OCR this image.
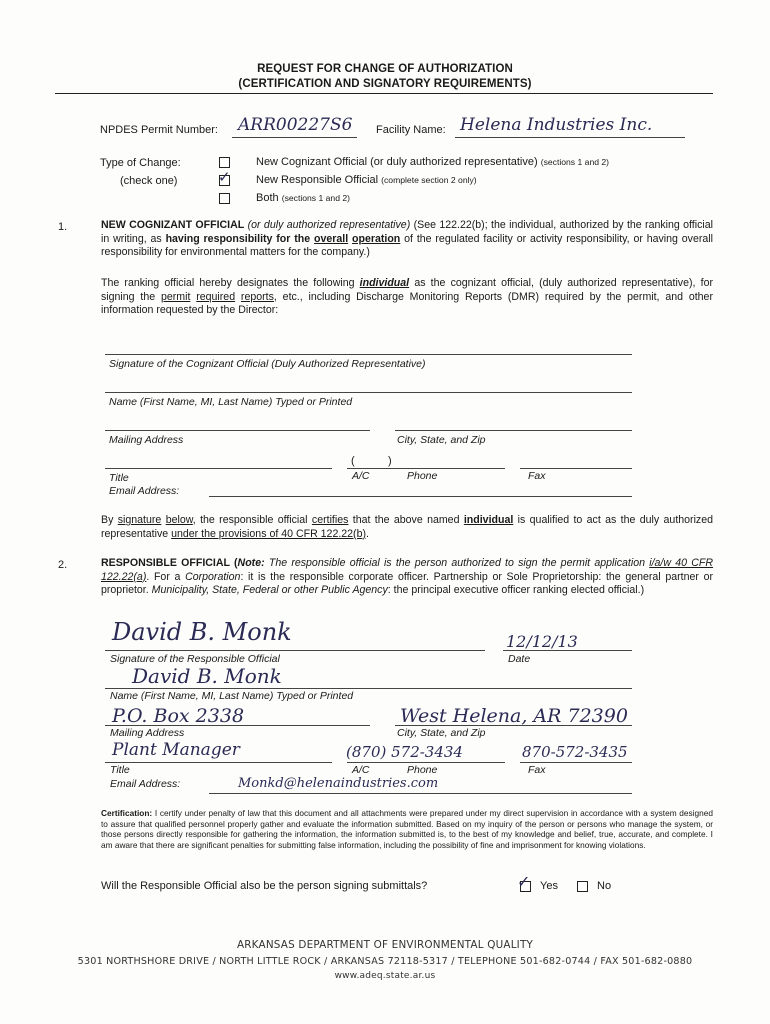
REQUEST FOR CHANGE OF AUTHORIZATION
(CERTIFICATION AND SIGNATORY REQUIREMENTS)
NPDES Permit Number: ARR00227S6 Facility Name: Helena Industries Inc.
Type of Change:
(check one)
New Cognizant Official (or duly authorized representative) (sections 1 and 2)
✓ New Responsible Official (complete section 2 only)
Both (sections 1 and 2)
1.	NEW COGNIZANT OFFICIAL (or duly authorized representative) (See 122.22(b); the individual, authorized by the ranking official in writing, as having responsibility for the overall operation of the regulated facility or activity responsibility, or having overall responsibility for environmental matters for the company.)
The ranking official hereby designates the following individual as the cognizant official, (duly authorized representative), for signing the permit required reports, etc., including Discharge Monitoring Reports (DMR) required by the permit, and other information requested by the Director:
Signature of the Cognizant Official (Duly Authorized Representative)
Name (First Name, MI, Last Name) Typed or Printed
Mailing Address	City, State, and Zip
(	)
Title	A/C	Phone	Fax
Email Address:
By signature below, the responsible official certifies that the above named individual is qualified to act as the duly authorized representative under the provisions of 40 CFR 122.22(b).
2.	RESPONSIBLE OFFICIAL (Note: The responsible official is the person authorized to sign the permit application i/a/w 40 CFR 122.22(a). For a Corporation: it is the responsible corporate officer. Partnership or Sole Proprietorship: the general partner or proprietor. Municipality, State, Federal or other Public Agency: the principal executive officer ranking elected official.)
David B. Monk
Signature of the Responsible Official
12/12/13
Date
David B. Monk
Name (First Name, MI, Last Name) Typed or Printed
P.O. Box 2338
Mailing Address
West Helena, AR 72390
City, State, and Zip
Plant Manager	(870) 572-3434	870-572-3435
Title	A/C	Phone	Fax
Email Address:	Monkd@helenaindustries.com
Certification: I certify under penalty of law that this document and all attachments were prepared under my direct supervision in accordance with a system designed to assure that qualified personnel properly gather and evaluate the information submitted. Based on my inquiry of the person or persons who manage the system, or those persons directly responsible for gathering the information, the information submitted is, to the best of my knowledge and belief, true, accurate, and complete. I am aware that there are significant penalties for submitting false information, including the possibility of fine and imprisonment for knowing violations.
Will the Responsible Official also be the person signing submittals?	✓ Yes	No
ARKANSAS DEPARTMENT OF ENVIRONMENTAL QUALITY
5301 NORTHSHORE DRIVE / NORTH LITTLE ROCK / ARKANSAS 72118-5317 / TELEPHONE 501-682-0744 / FAX 501-682-0880
www.adeq.state.ar.us
